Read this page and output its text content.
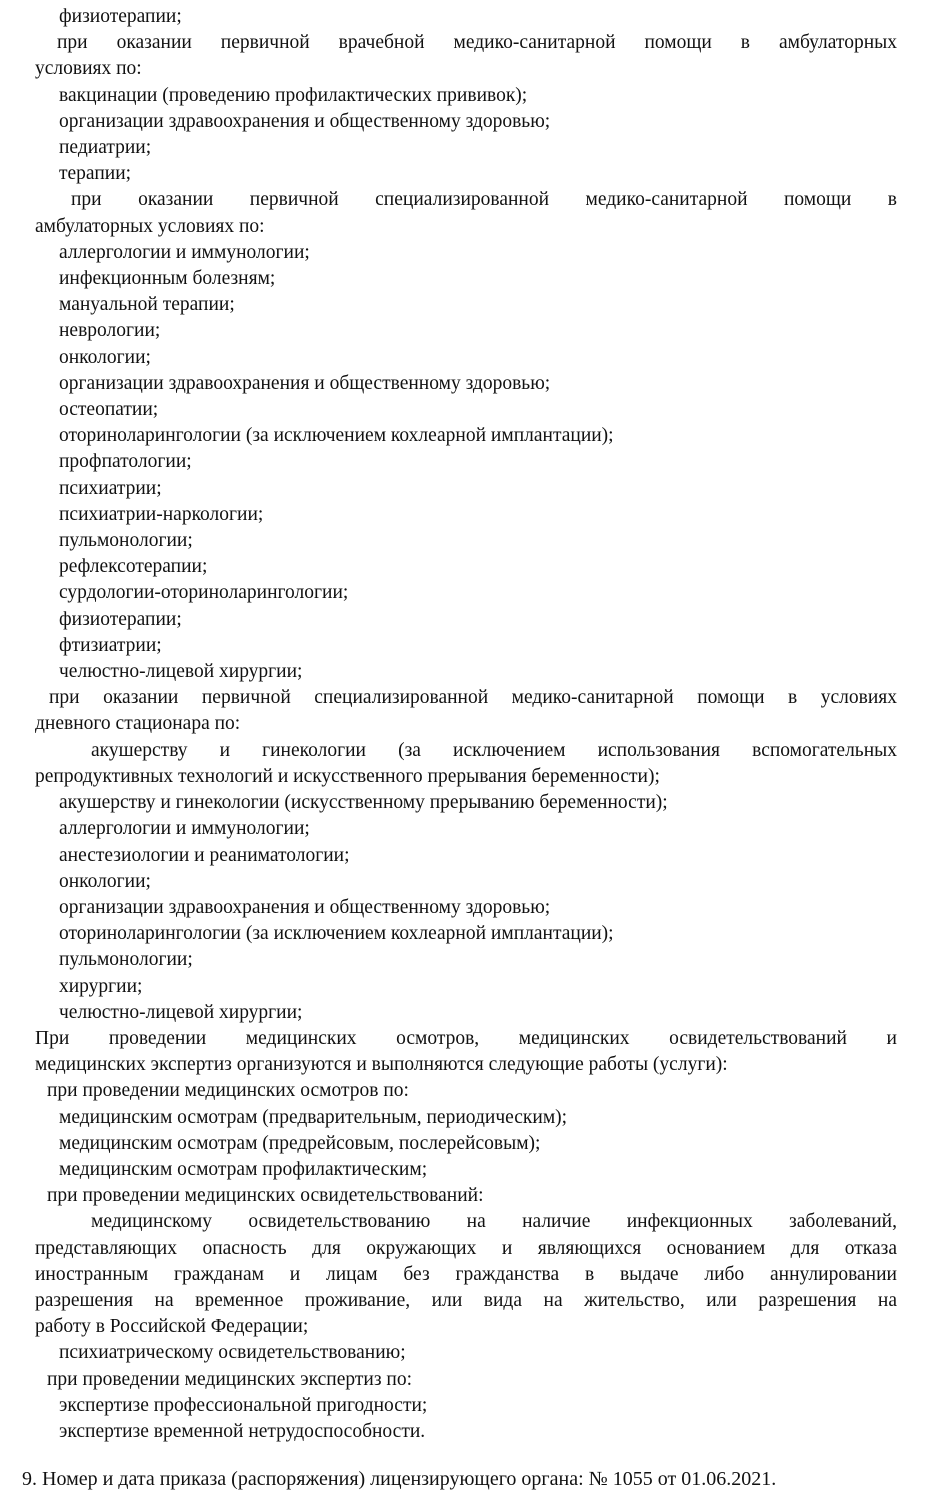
физиотерапии;
при оказании первичной врачебной медико-санитарной помощи в амбулаторных
условиях по:
вакцинации (проведению профилактических прививок);
организации здравоохранения и общественному здоровью;
педиатрии;
терапии;
при оказании первичной специализированной медико-санитарной помощи в
амбулаторных условиях по:
аллергологии и иммунологии;
инфекционным болезням;
мануальной терапии;
неврологии;
онкологии;
организации здравоохранения и общественному здоровью;
остеопатии;
оториноларингологии (за исключением кохлеарной имплантации);
профпатологии;
психиатрии;
психиатрии-наркологии;
пульмонологии;
рефлексотерапии;
сурдологии-оториноларингологии;
физиотерапии;
фтизиатрии;
челюстно-лицевой хирургии;
при оказании первичной специализированной медико-санитарной помощи в условиях
дневного стационара по:
акушерству и гинекологии (за исключением использования вспомогательных
репродуктивных технологий и искусственного прерывания беременности);
акушерству и гинекологии (искусственному прерыванию беременности);
аллергологии и иммунологии;
анестезиологии и реаниматологии;
онкологии;
организации здравоохранения и общественному здоровью;
оториноларингологии (за исключением кохлеарной имплантации);
пульмонологии;
хирургии;
челюстно-лицевой хирургии;
При проведении медицинских осмотров, медицинских освидетельствований и
медицинских экспертиз организуются и выполняются следующие работы (услуги):
при проведении медицинских осмотров по:
медицинским осмотрам (предварительным, периодическим);
медицинским осмотрам (предрейсовым, послерейсовым);
медицинским осмотрам профилактическим;
при проведении медицинских освидетельствований:
медицинскому освидетельствованию на наличие инфекционных заболеваний,
представляющих опасность для окружающих и являющихся основанием для отказа
иностранным гражданам и лицам без гражданства в выдаче либо аннулировании
разрешения на временное проживание, или вида на жительство, или разрешения на
работу в Российской Федерации;
психиатрическому освидетельствованию;
при проведении медицинских экспертиз по:
экспертизе профессиональной пригодности;
экспертизе временной нетрудоспособности.
9. Номер и дата приказа (распоряжения) лицензирующего органа: № 1055 от 01.06.2021.
